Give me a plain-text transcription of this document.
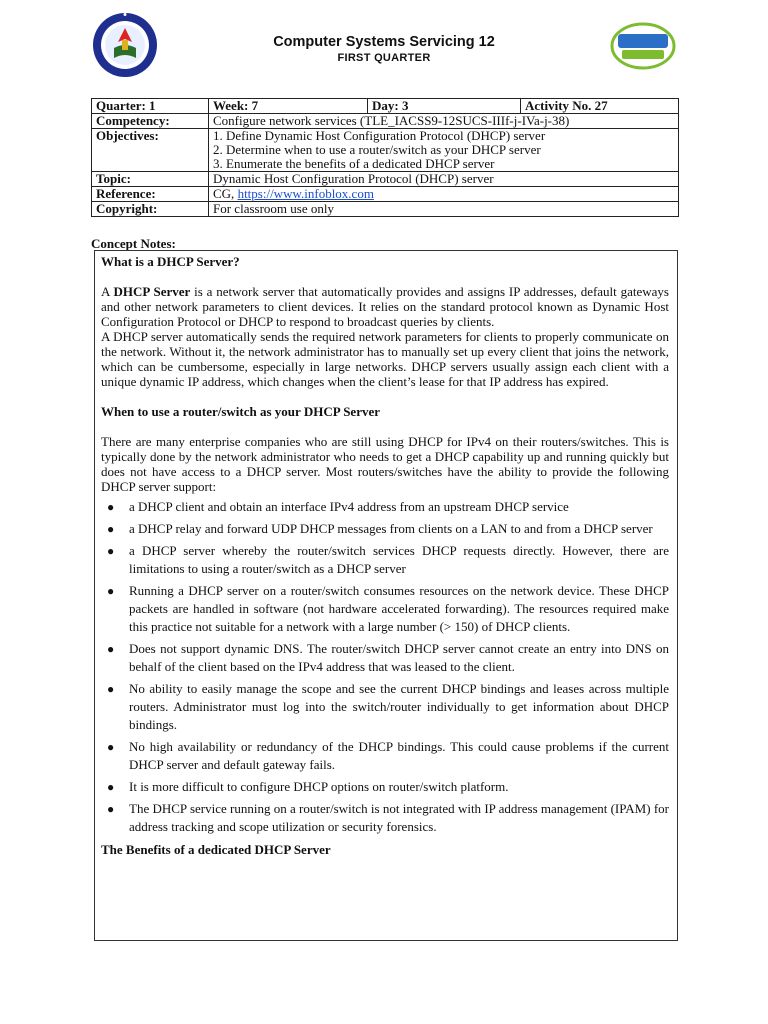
Computer Systems Servicing 12
FIRST QUARTER
Quarter: 1	Week: 7	Day: 3	Activity No. 27
Competency:	Configure network services (TLE_IACSS9-12SUCS-IIIf-j-IVa-j-38)		
Objectives:	1. Define Dynamic Host Configuration Protocol (DHCP) server
2. Determine when to use a router/switch as your DHCP server
3. Enumerate the benefits of a dedicated DHCP server		

Topic:	Dynamic Host Configuration Protocol (DHCP) server		
Reference:	CG, https://www.infoblox.com		
Copyright:	For classroom use only		
Concept Notes:

What is a DHCP Server?

A DHCP Server is a network server that automatically provides and assigns IP addresses, default gateways and other network parameters to client devices. It relies on the standard protocol known as Dynamic Host Configuration Protocol or DHCP to respond to broadcast queries by clients.

A DHCP server automatically sends the required network parameters for clients to properly communicate on the network. Without it, the network administrator has to manually set up every client that joins the network, which can be cumbersome, especially in large networks. DHCP servers usually assign each client with a unique dynamic IP address, which changes when the client’s lease for that IP address has expired.

When to use a router/switch as your DHCP Server

There are many enterprise companies who are still using DHCP for IPv4 on their routers/switches. This is typically done by the network administrator who needs to get a DHCP capability up and running quickly but does not have access to a DHCP server. Most routers/switches have the ability to provide the following DHCP server support:

● a DHCP client and obtain an interface IPv4 address from an upstream DHCP service
● a DHCP relay and forward UDP DHCP messages from clients on a LAN to and from a DHCP server
● a DHCP server whereby the router/switch services DHCP requests directly. However, there are limitations to using a router/switch as a DHCP server
● Running a DHCP server on a router/switch consumes resources on the network device. These DHCP packets are handled in software (not hardware accelerated forwarding). The resources required make this practice not suitable for a network with a large number (> 150) of DHCP clients.
● Does not support dynamic DNS. The router/switch DHCP server cannot create an entry into DNS on behalf of the client based on the IPv4 address that was leased to the client.
● No ability to easily manage the scope and see the current DHCP bindings and leases across multiple routers. Administrator must log into the switch/router individually to get information about DHCP bindings.
● No high availability or redundancy of the DHCP bindings. This could cause problems if the current DHCP server and default gateway fails.
● It is more difficult to configure DHCP options on router/switch platform.
● The DHCP service running on a router/switch is not integrated with IP address management (IPAM) for address tracking and scope utilization or security forensics.

The Benefits of a dedicated DHCP Server
